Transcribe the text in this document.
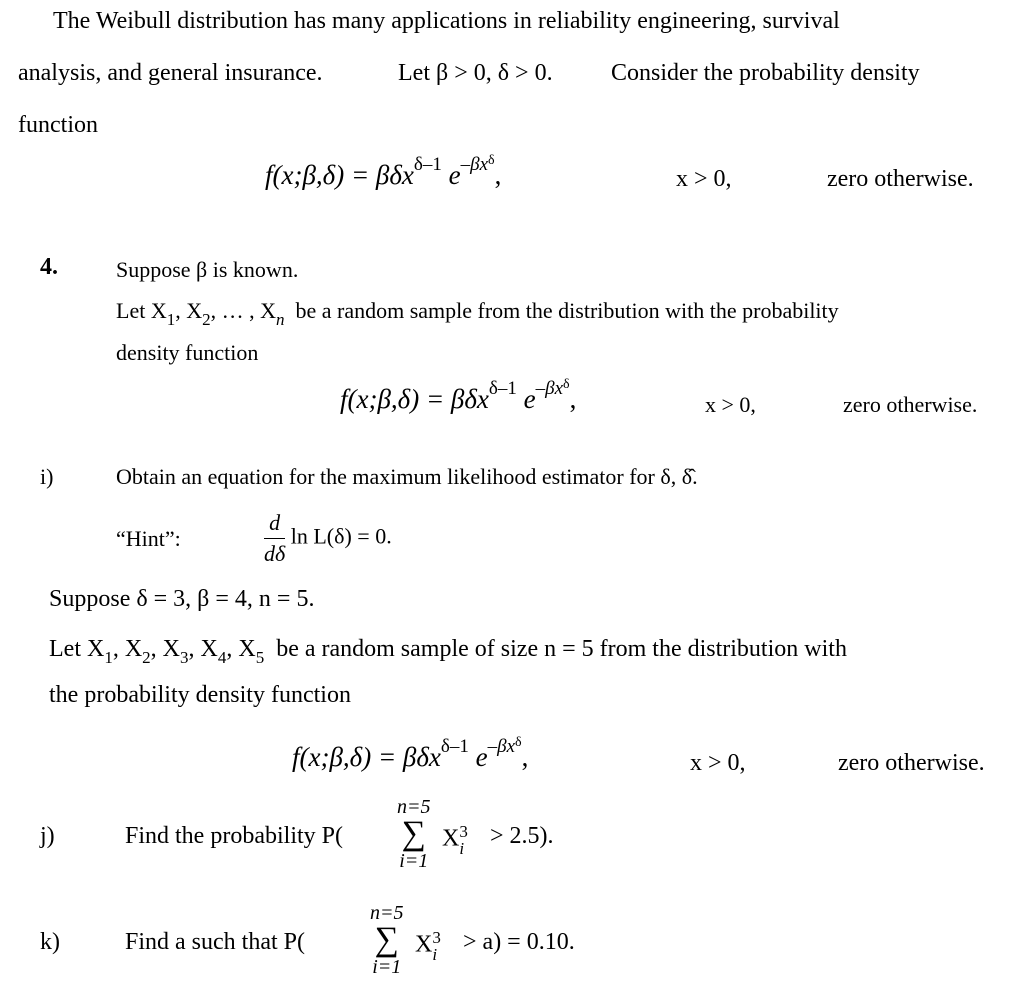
The Weibull distribution has many applications in reliability engineering, survival
analysis, and general insurance.	Let β > 0, δ > 0. Consider the probability density
function
f(x;β,δ) = βδx$^{\delta-1}$ $e^{-\beta x^\delta}$,	x > 0,	zero otherwise.
4.	Suppose β is known.
Let $X_1$, $X_2$, … , $X_n$ be a random sample from the distribution with the probability
density function
f(x;β,δ) = βδx$^{\delta-1}$ $e^{-\beta x^\delta}$,	x > 0,	zero otherwise.
i)	Obtain an equation for the maximum likelihood estimator for δ, δ̂.
“Hint”:	$\frac{d}{d\delta}$ ln L(δ) = 0.
Suppose δ = 3, β = 4, n = 5.
Let $X_1$, $X_2$, $X_3$, $X_4$, $X_5$ be a random sample of size n = 5 from the distribution with
the probability density function
f(x;β,δ) = βδx$^{\delta-1}$ $e^{-\beta x^\delta}$,	x > 0,	zero otherwise.
j)	Find the probability P(
n=5
∑
i=1
X 3
i > 2.5).
k)	Find a such that P(
n=5
∑
i=1
X 3
i > a) = 0.10.
